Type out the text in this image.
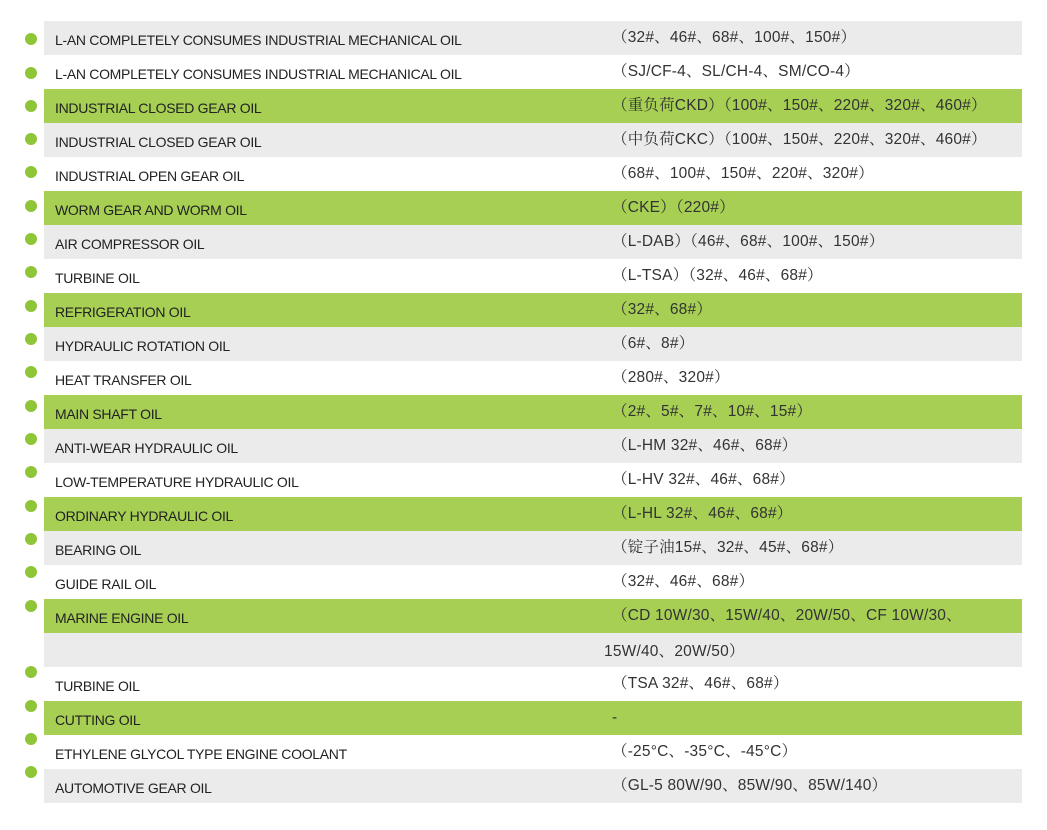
L-AN COMPLETELY CONSUMES INDUSTRIAL MECHANICAL OIL	（32#、46#、68#、100#、150#）
L-AN COMPLETELY CONSUMES INDUSTRIAL MECHANICAL OIL	（SJ/CF-4、SL/CH-4、SM/CO-4）
INDUSTRIAL CLOSED GEAR OIL	（重负荷CKD）（100#、150#、220#、320#、460#）
INDUSTRIAL CLOSED GEAR OIL	（中负荷CKC）（100#、150#、220#、320#、460#）
INDUSTRIAL OPEN GEAR OIL	（68#、100#、150#、220#、320#）
WORM GEAR AND WORM OIL	（CKE）（220#）
AIR COMPRESSOR OIL	（L-DAB）（46#、68#、100#、150#）
TURBINE OIL	（L-TSA）（32#、46#、68#）
REFRIGERATION OIL	（32#、68#）
HYDRAULIC ROTATION OIL	（6#、8#）
HEAT TRANSFER OIL	（280#、320#）
MAIN SHAFT OIL	（2#、5#、7#、10#、15#）
ANTI-WEAR HYDRAULIC OIL	（L-HM 32#、46#、68#）
LOW-TEMPERATURE HYDRAULIC OIL	（L-HV 32#、46#、68#）
ORDINARY HYDRAULIC OIL	（L-HL 32#、46#、68#）
BEARING OIL	（锭子油15#、32#、45#、68#）
GUIDE RAIL OIL	（32#、46#、68#）
MARINE ENGINE OIL	（CD 10W/30、15W/40、20W/50、CF 10W/30、
15W/40、20W/50）
TURBINE OIL	（TSA 32#、46#、68#）
CUTTING OIL	-
ETHYLENE GLYCOL TYPE ENGINE COOLANT	（-25°C、-35°C、-45°C）
AUTOMOTIVE GEAR OIL	（GL-5 80W/90、85W/90、85W/140）
